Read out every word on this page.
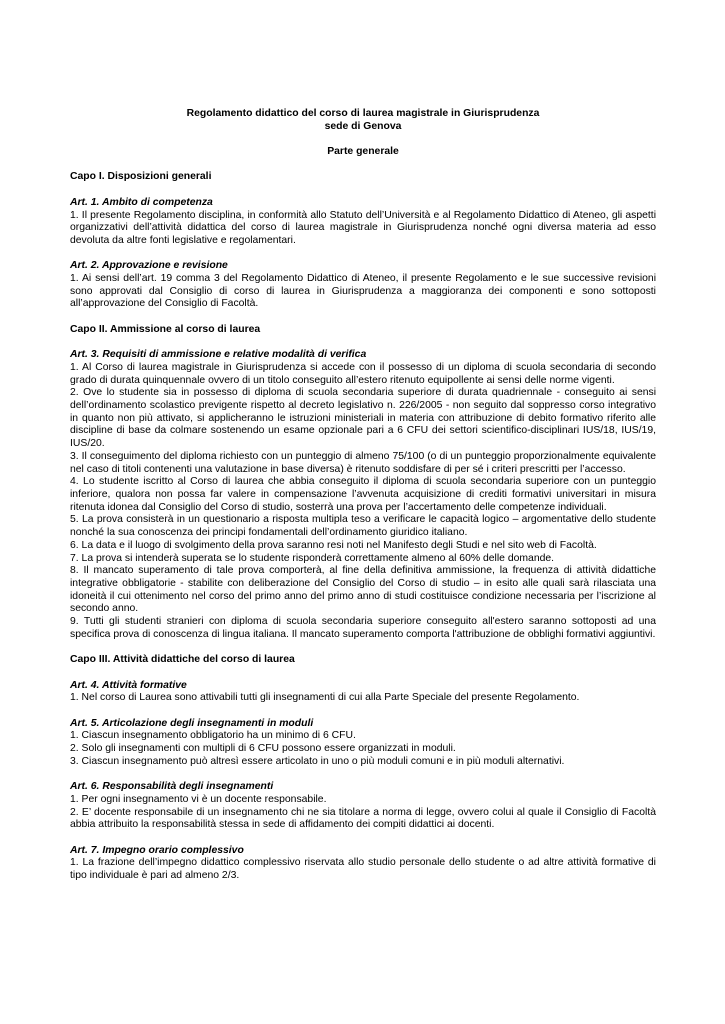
Regolamento didattico del corso di laurea magistrale in Giurisprudenza

sede di Genova

Parte generale

Capo I. Disposizioni generali

Art. 1. Ambito di competenza

1. Il presente Regolamento disciplina, in conformità allo Statuto dell’Università e al Regolamento Didattico di Ateneo, gli aspetti organizzativi dell’attività didattica del corso di laurea magistrale in Giurisprudenza nonché ogni diversa materia ad esso devoluta da altre fonti legislative e regolamentari.

Art. 2. Approvazione e revisione

1. Ai sensi dell’art. 19 comma 3 del Regolamento Didattico di Ateneo, il presente Regolamento e le sue successive revisioni sono approvati dal Consiglio di corso di laurea in Giurisprudenza a maggioranza dei componenti e sono sottoposti all’approvazione del Consiglio di Facoltà.

Capo II. Ammissione al corso di laurea

Art. 3. Requisiti di ammissione e relative modalità di verifica

1. Al Corso di laurea magistrale in Giurisprudenza si accede con il possesso di un diploma di scuola secondaria di secondo grado di durata quinquennale ovvero di un titolo conseguito all’estero ritenuto equipollente ai sensi delle norme vigenti.

2. Ove lo studente sia in possesso di diploma di scuola secondaria superiore di durata quadriennale - conseguito ai sensi dell’ordinamento scolastico previgente rispetto al decreto legislativo n. 226/2005 - non seguito dal soppresso corso integrativo in quanto non più attivato, si applicheranno le istruzioni ministeriali in materia con attribuzione di debito formativo riferito alle discipline di base da colmare sostenendo un esame opzionale pari a 6 CFU dei settori scientifico-disciplinari IUS/18, IUS/19, IUS/20.

3. Il conseguimento del diploma richiesto con un punteggio di almeno 75/100 (o di un punteggio proporzionalmente equivalente nel caso di titoli contenenti una valutazione in base diversa) è ritenuto soddisfare di per sé i criteri prescritti per l’accesso.

4. Lo studente iscritto al Corso di laurea che abbia conseguito il diploma di scuola secondaria superiore con un punteggio inferiore, qualora non possa far valere in compensazione l’avvenuta acquisizione di crediti formativi universitari in misura ritenuta idonea dal Consiglio del Corso di studio, sosterrà una prova per l’accertamento delle competenze individuali.

5. La prova consisterà in un questionario a risposta multipla teso a verificare le capacità logico – argomentative dello studente nonché la sua conoscenza dei principi fondamentali dell’ordinamento giuridico italiano.

6. La data e il luogo di svolgimento della prova saranno resi noti nel Manifesto degli Studi e nel sito web di Facoltà.

7. La prova si intenderà superata se lo studente risponderà correttamente almeno al 60% delle domande.

8. Il mancato superamento di tale prova comporterà, al fine della definitiva ammissione, la frequenza di attività didattiche integrative obbligatorie - stabilite con deliberazione del Consiglio del Corso di studio – in esito alle quali sarà rilasciata una idoneità il cui ottenimento nel corso del primo anno del primo anno di studi costituisce condizione necessaria per l’iscrizione al secondo anno.

9. Tutti gli studenti stranieri con diploma di scuola secondaria superiore conseguito all'estero saranno sottoposti ad una specifica prova di conoscenza di lingua italiana. Il mancato superamento comporta l'attribuzione de obblighi formativi aggiuntivi.

Capo III. Attività didattiche del corso di laurea

Art. 4. Attività formative

1. Nel corso di Laurea sono attivabili tutti gli insegnamenti di cui alla Parte Speciale del presente Regolamento.

Art. 5. Articolazione degli insegnamenti in moduli

1. Ciascun insegnamento obbligatorio ha un minimo di 6 CFU.

2. Solo gli insegnamenti con multipli di 6 CFU possono essere organizzati in moduli.

3. Ciascun insegnamento può altresì essere articolato in uno o più moduli comuni e in più moduli alternativi.

Art. 6. Responsabilità degli insegnamenti

1. Per ogni insegnamento vi è un docente responsabile.

2. E’ docente responsabile di un insegnamento chi ne sia titolare a norma di legge, ovvero colui al quale il Consiglio di Facoltà abbia attribuito la responsabilità stessa in sede di affidamento dei compiti didattici ai docenti.

Art. 7. Impegno orario complessivo

1. La frazione dell’impegno didattico complessivo riservata allo studio personale dello studente o ad altre attività formative di tipo individuale è pari ad almeno 2/3.
